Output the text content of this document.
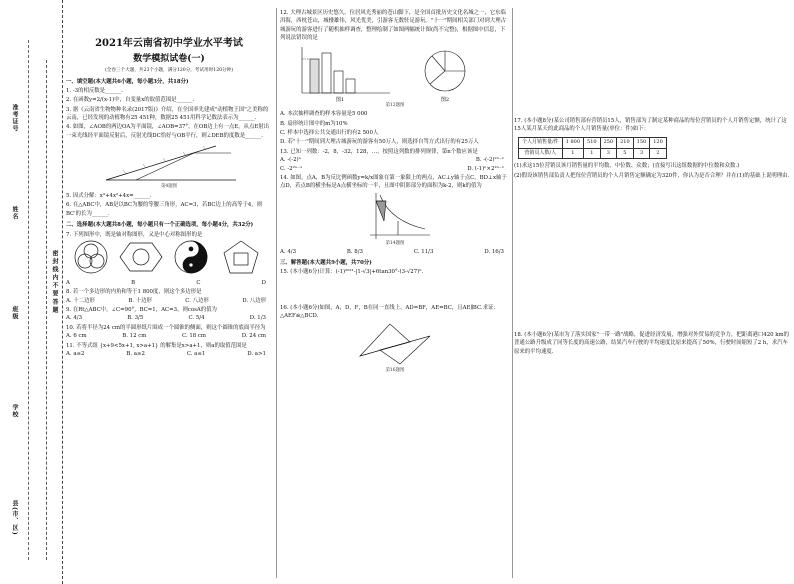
准考证号
姓名
班级
学校
县(市、区)
密 封 线 内 不 要 答 题
2021年云南省初中学业水平考试
数学模拟试卷(一)
(全卷三个大题，共23个小题，满分120分，考试用时120分钟)
一、填空题(本大题共6小题，每小题3分，共18分)
1. -3的相反数是______.
2. 在函数y=2/(x-1)中，自变量x的取值范围是______.
3. 据《云南省生物物种名录(2017版)》介绍，在全国率先建成"动植物王国"之美称的云南，已经发现的动植物有25 451种，数据25 451用科学记数法表示为______.
4. 如图，∠AOB的两边OA为平面镜，∠AOB=37°，在OB边上有一点E，从点E射出一束光线经平面镜反射后，反射光线DC恰好与OB平行，则∠DEB的度数是______.
第4题图
5. 因式分解：x³+4x²+4x=______.
6. 在△ABC中，AB是以BC为腰的等腰三角形，AC=3，若BC边上的高等于4，则BC'的长为______.
二、选择题(本大题共8小题，每小题只有一个正确选项，每小题4分，共32分)
7. 下列图形中，既是轴对称图形，又是中心对称图形的是
A	B	C	D
8. 若一个多边形的内角和等于1 800度，则这个多边形是
A. 十二边形	B. 十边形	C. 八边形	D. 八边形
9. 在Rt△ABC中，∠C=90°，BC=1，AC=3，则cosA的值为
A. 4/3	B. 3/5	C. 5/4	D. 1/3
10. 若将半径为24 cm的半圆形纸片围成一个圆锥的侧面，则这个圆锥的底面半径为
A. 6 cm	B. 12 cm	C. 18 cm	D. 24 cm
11. 不等式组 {x+9<5x+1, x>a+1} 的解集是x>a+1，则a的取值范围是
A. a≤2	B. a≥2	C. a≤1	D. a>1
12. 大理古城景区历史悠久，位居风光秀丽的苍山脚下，是全国首批历史文化名城之一，它东临洱海，西枕苍山，城楼雄伟，风光优美，引游客无数驻足游玩。"十一"期间相关部门对到大理古城游玩的游客进行了随机抽样调查，整理绘制了如图两幅统计图(尚不完整)，根据图中信息，下列说法错误的是
图1	图2
第12题图
A. 本次抽样调查的样本容量是5 000
B. 扇形统计图中的m为10%
C. 样本中选择公共交通出行的有2 500人
D. 若"十一"期间到大理古城游玩的游客有50万人，则选择自驾方式出行的有25万人
13. 已知一列数：-2，8，-32，128，…，按照这列数的排列规律，第n个数应该是
A. -(-2)ⁿ	B. -(-2)²ⁿ⁻¹
C. -2²ⁿ⁻¹	D. (-1)ⁿ×2²ⁿ⁻¹
14. 如图，点A，B为反比例函数y=k/x图象在第一象限上的两点，AC⊥y轴于点C，BD⊥x轴于点D，若点B的横坐标是A点横坐标的一半，且图中阴影部分的面积为k-2，则k的值为
第14题图
A. 4/3	B. 8/3	C. 11/3	D. 16/3
三、解答题(本大题共9小题，共70分)
15. (本小题6分)计算：(-1)²⁰²¹-|1-√3|+6tan30°-(3-√27)⁰.
16. (本小题6分)如图，A，D，F，B在同一直线上，AD=BF，AE=BC，且AE∥BC.求证：△AEF≌△BCD.
第16题图
17. (本小题8分)某公司销售部有营销员15人，销售部为了制定某种商品的每位营销员的个人月销售定额，统计了这15人某月某天的此商品的个人月销售量(单位：件)如下：
个人月销售量/件	1 800	510	250	210	150	120
营销员人数/人	1	1	3	5	3	2
(1)求这15位营销员该月销售量的平均数、中位数、众数；(直接写出这组数据的中位数和众数.)
(2)假设该销售部负责人把每位营销员的个人月销售定额确定为320件，你认为是否合理？并在(1)的基础上说明理由.
18. (本小题6分)某市为了落实国家"一带一路"战略，促进经济发展，增强对外贸易的竞争力，把距离港口420 km的普通公路升级成了同等长度的高速公路，结果汽车行驶的平均速度比原来提高了50%，行驶时间缩短了2 h，求汽车原来的平均速度.
